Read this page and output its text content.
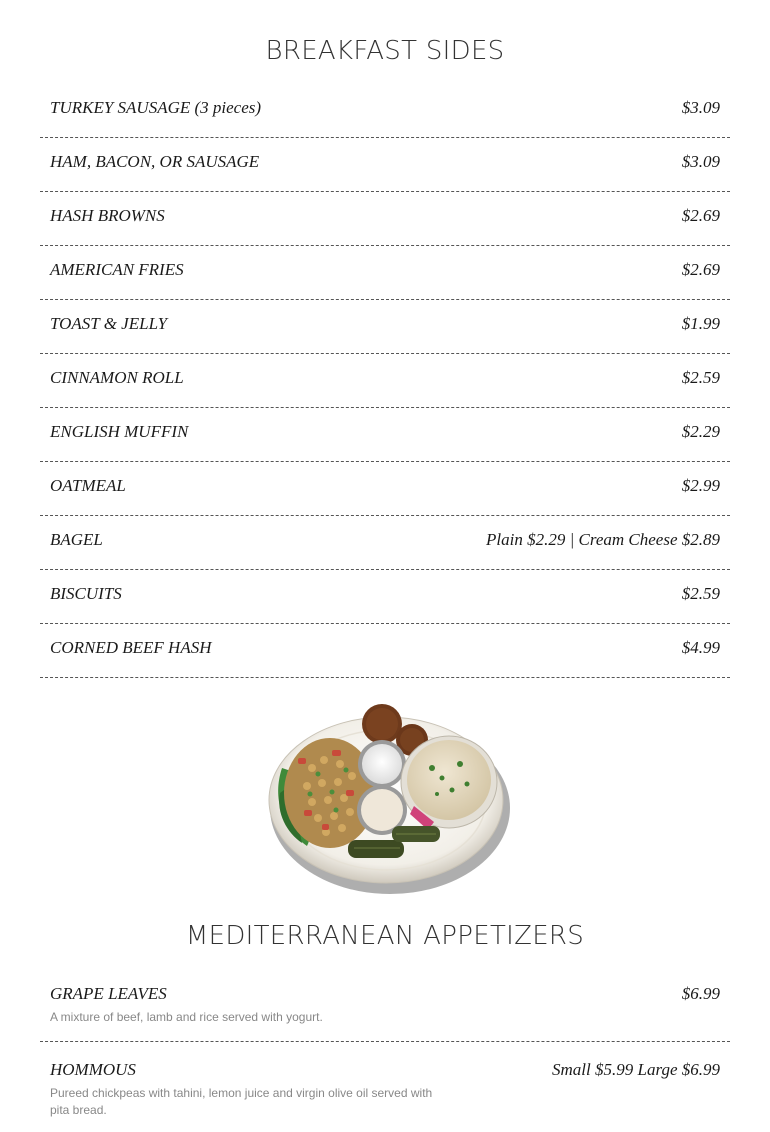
BREAKFAST SIDES
TURKEY SAUSAGE (3 pieces)	$3.09
HAM, BACON, OR SAUSAGE	$3.09
HASH BROWNS	$2.69
AMERICAN FRIES	$2.69
TOAST & JELLY	$1.99
CINNAMON ROLL	$2.59
ENGLISH MUFFIN	$2.29
OATMEAL	$2.99
BAGEL	Plain $2.29 | Cream Cheese $2.89
BISCUITS	$2.59
CORNED BEEF HASH	$4.99
MEDITERRANEAN APPETIZERS
GRAPE LEAVES	$6.99
A mixture of beef, lamb and rice served with yogurt.
HOMMOUS	Small $5.99 Large $6.99
Pureed chickpeas with tahini, lemon juice and virgin olive oil served with pita bread.
